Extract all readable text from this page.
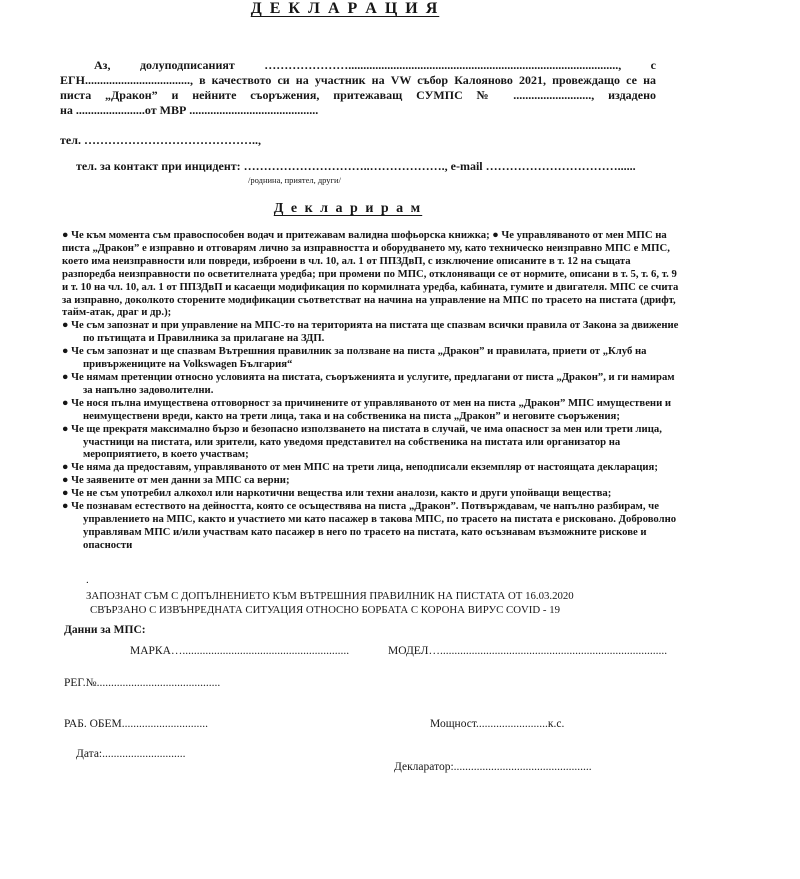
Д Е К Л А Р А Ц И Я
Аз, долуподписаният ………………….........................................................................................., с
ЕГН..................................., в качеството си на участник на VW събор Калояново 2021, провеждащо се на
писта „Дракон” и нейните съоръжения, притежаващ СУМПС № .........................., издадено
на .......................от МВР ...........................................
тел. ……………………………………..,
тел. за контакт при инцидент: …………………………..………………., e-mail ……………………………......
/роднина, приятел, други/
Д е к л а р и р а м
● Че към момента съм правоспособен водач и притежавам валидна шофьорска книжка; ● Че управляваното от мен МПС на писта „Дракон” е изправно и отговарям лично за изправността и оборудването му, като техническо неизправно МПС е МПС, което има неизправности или повреди, изброени в чл. 10, ал. 1 от ППЗДвП, с изключение описаните в т. 12 на същата разпоредба неизправности по осветителната уредба; при промени по МПС, отклоняващи се от нормите, описани в т. 5, т. 6, т. 9 и т. 10 на чл. 10, ал. 1 от ППЗДвП и касаещи модификация по кормилната уредба, кабината, гумите и двигателя. МПС се счита за изправно, доколкото сторените модификации съответстват на начина на управление на МПС по трасето на пистата (дрифт, тайм-атак, драг и др.);
● Че съм запознат и при управление на МПС-то на територията на пистата ще спазвам всички правила от Закона за движение по пътищата и Правилника за прилагане на ЗДП.
● Че съм запознат и ще спазвам Вътрешния правилник за ползване на писта „Дракон” и правилата, приети от „Клуб на привържениците на Volkswagen България“
● Че нямам претенции относно условията на пистата, съоръженията и услугите, предлагани от писта „Дракон”, и ги намирам за напълно задоволителни.
● Че нося пълна имуществена отговорност за причинените от управляваното от мен на писта „Дракон” МПС имуществени и неимуществени вреди, както на трети лица, така и на собственика на писта „Дракон” и неговите съоръжения;
● Че ще прекратя максимално бързо и безопасно използването на пистата в случай, че има опасност за мен или трети лица, участници на пистата, или зрители, като уведомя представител на собственика на пистата или организатор на мероприятието, в което участвам;
● Че няма да предоставям, управляваното от мен МПС на трети лица, неподписали екземпляр от настоящата декларация;
● Че заявените от мен данни за МПС са верни;
● Че не съм употребил алкохол или наркотични вещества или техни аналози, както и други упойващи вещества;
● Че познавам естеството на дейността, която се осъществява на писта „Дракон”. Потвърждавам, че напълно разбирам, че управлението на МПС, както и участието ми като пасажер в такова МПС, по трасето на пистата е рисковано. Доброволно управлявам МПС и/или участвам като пасажер в него по трасето на пистата, като осъзнавам възможните рискове и опасности
.
ЗАПОЗНАТ СЪМ С ДОПЪЛНЕНИЕТО КЪМ ВЪТРЕШНИЯ ПРАВИЛНИК НА ПИСТАТА ОТ 16.03.2020
СВЪРЗАНО С ИЗВЪНРЕДНАТА СИТУАЦИЯ ОТНОСНО БОРБАТА С КОРОНА ВИРУС COVID - 19
Данни за МПС:
МАРКА…..........................................................	МОДЕЛ…...............................................................................
РЕГ.№...........................................
РАБ. ОБЕМ..............................	Мощност.........................к.с.
Дата:.............................
Декларатор:................................................
